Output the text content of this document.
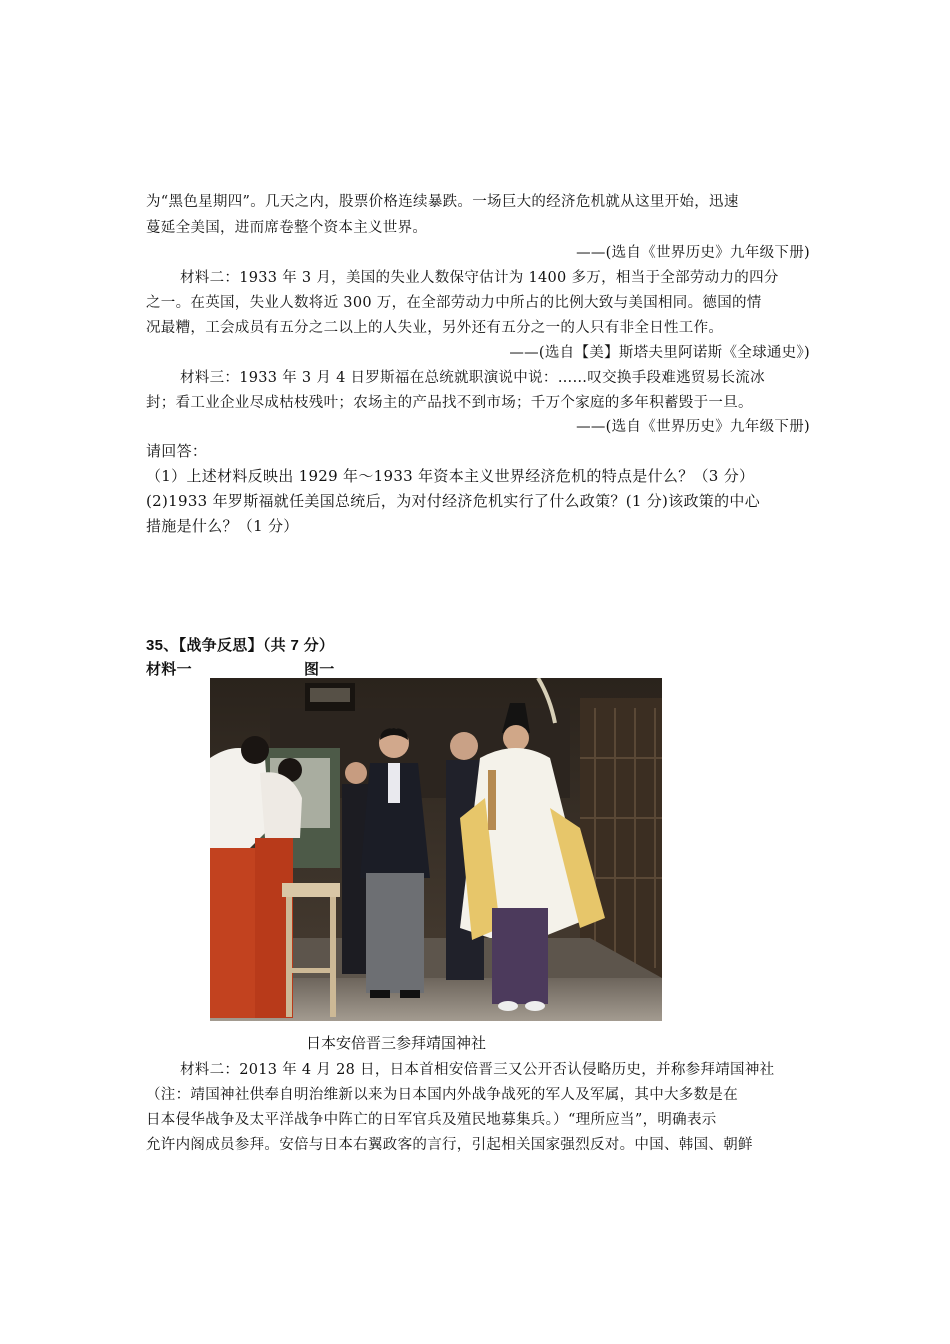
为“黑色星期四”。几天之内，股票价格连续暴跌。一场巨大的经济危机就从这里开始，迅速
蔓延全美国，进而席卷整个资本主义世界。
——(选自《世界历史》九年级下册)
材料二：1933 年 3 月，美国的失业人数保守估计为 1400 多万，相当于全部劳动力的四分
之一。在英国，失业人数将近 300 万，在全部劳动力中所占的比例大致与美国相同。德国的情
况最糟，工会成员有五分之二以上的人失业，另外还有五分之一的人只有非全日性工作。
——(选自【美】斯塔夫里阿诺斯《全球通史》)
材料三：1933 年 3 月 4 日罗斯福在总统就职演说中说：……叹交换手段难逃贸易长流冰
封；看工业企业尽成枯枝残叶；农场主的产品找不到市场；千万个家庭的多年积蓄毁于一旦。
——(选自《世界历史》九年级下册)
请回答：
（1）上述材料反映出 1929 年～1933 年资本主义世界经济危机的特点是什么？（3 分）
(2)1933 年罗斯福就任美国总统后，为对付经济危机实行了什么政策？(1 分)该政策的中心
措施是什么？（1 分）
35、【战争反思】（共 7 分）
材料一	图一
日本安倍晋三参拜靖国神社
材料二：2013 年 4 月 28 日，日本首相安倍晋三又公开否认侵略历史，并称参拜靖国神社
（注：靖国神社供奉自明治维新以来为日本国内外战争战死的军人及军属，其中大多数是在
日本侵华战争及太平洋战争中阵亡的日军官兵及殖民地募集兵。）“理所应当”，明确表示
允许内阁成员参拜。安倍与日本右翼政客的言行，引起相关国家强烈反对。中国、韩国、朝鲜
